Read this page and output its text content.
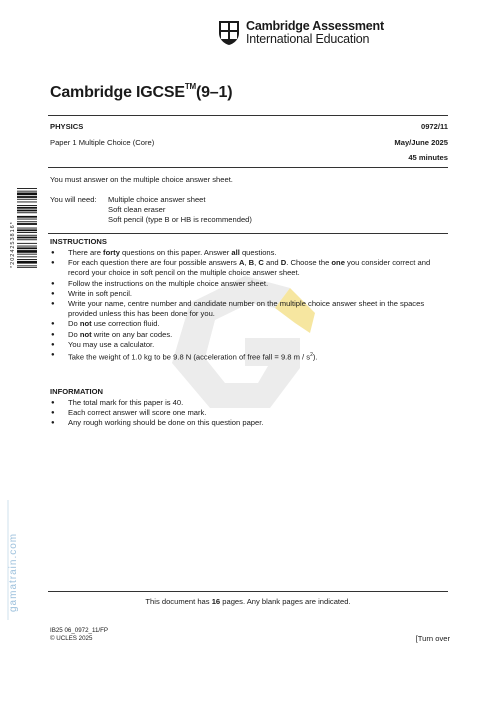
gamatrain.com
Cambridge Assessment
International Education
Cambridge IGCSE™(9–1)
PHYSICS	0972/11
Paper 1 Multiple Choice (Core)	May/June 2025
45 minutes
*2024253816*
You must answer on the multiple choice answer sheet.
You will need: Multiple choice answer sheet
Soft clean eraser
Soft pencil (type B or HB is recommended)
INSTRUCTIONS
● There are forty questions on this paper. Answer all questions.
● For each question there are four possible answers A, B, C and D. Choose the one you consider correct and record your choice in soft pencil on the multiple choice answer sheet.
● Follow the instructions on the multiple choice answer sheet.
● Write in soft pencil.
● Write your name, centre number and candidate number on the multiple choice answer sheet in the spaces provided unless this has been done for you.
● Do not use correction fluid.
● Do not write on any bar codes.
● You may use a calculator.
● Take the weight of 1.0 kg to be 9.8 N (acceleration of free fall = 9.8 m / $s^2$).
INFORMATION
● The total mark for this paper is 40.
● Each correct answer will score one mark.
● Any rough working should be done on this question paper.
This document has 16 pages. Any blank pages are indicated.
IB25 06_0972_11/FP
© UCLES 2025	[Turn over
